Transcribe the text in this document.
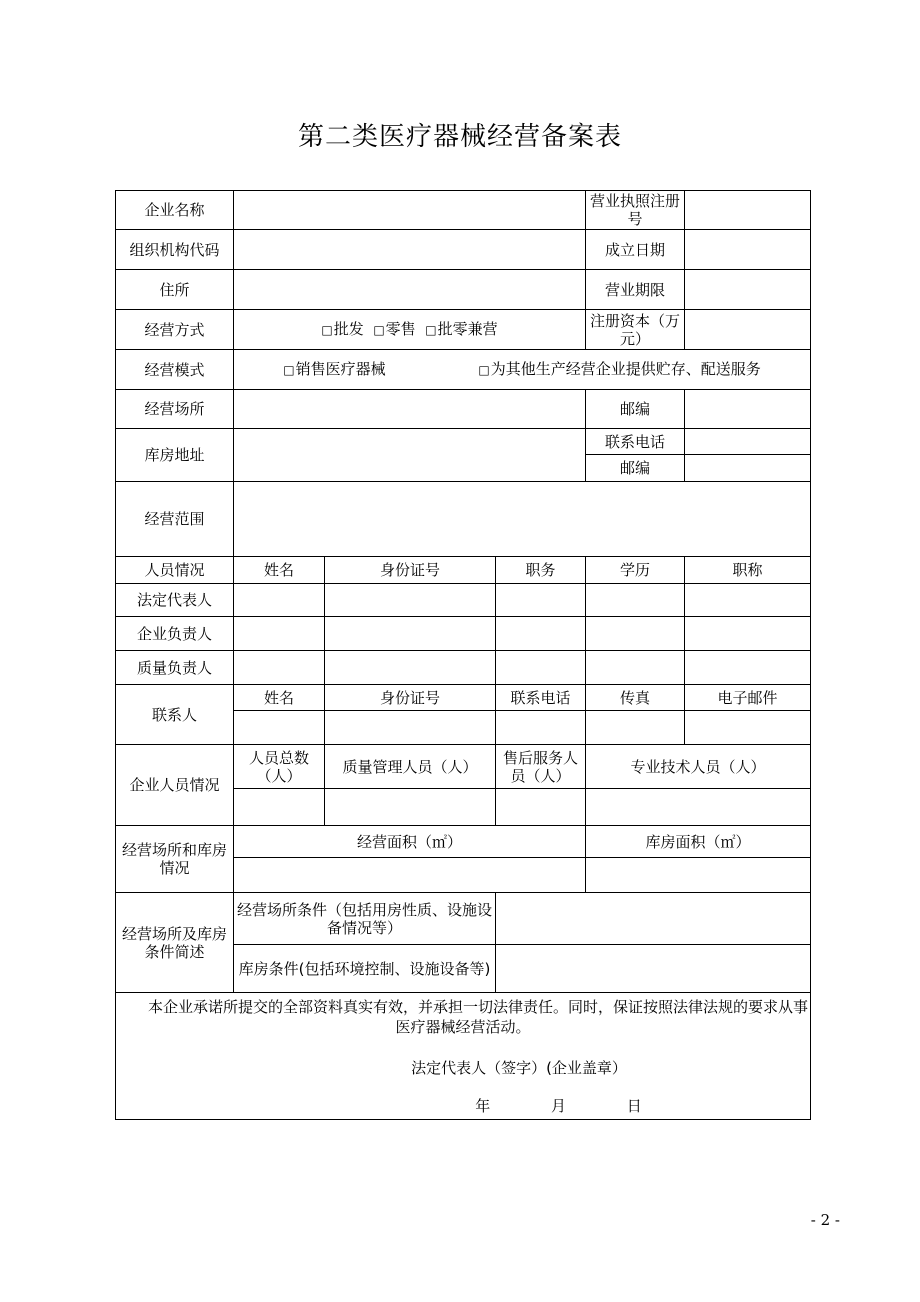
第二类医疗器械经营备案表
企业名称				营业执照注册号	
组织机构代码				成立日期	
住所				营业期限	
经营方式	□批发 □零售 □批零兼营			注册资本（万元）	
经营模式	□销售医疗器械 □为其他生产经营企业提供贮存、配送服务				
经营场所				邮编	
库房地址				联系电话	
				邮编	
经营范围					
人员情况	姓名	身份证号	职务	学历	职称
法定代表人					
企业负责人					
质量负责人					
联系人	姓名	身份证号	联系电话	传真	电子邮件

企业人员情况	人员总数（人）	质量管理人员（人）	售后服务人员（人）	专业技术人员（人）	

经营场所和库房情况	经营面积（㎡）			库房面积（㎡）	

经营场所及库房条件简述	经营场所条件（包括用房性质、设施设备情况等）				
	库房条件(包括环境控制、设施设备等)				

本企业承诺所提交的全部资料真实有效，并承担一切法律责任。同时，保证按照法律法规的要求从事医疗器械经营活动。

法定代表人（签字）(企业盖章）

年 月 日					

- 2 -
